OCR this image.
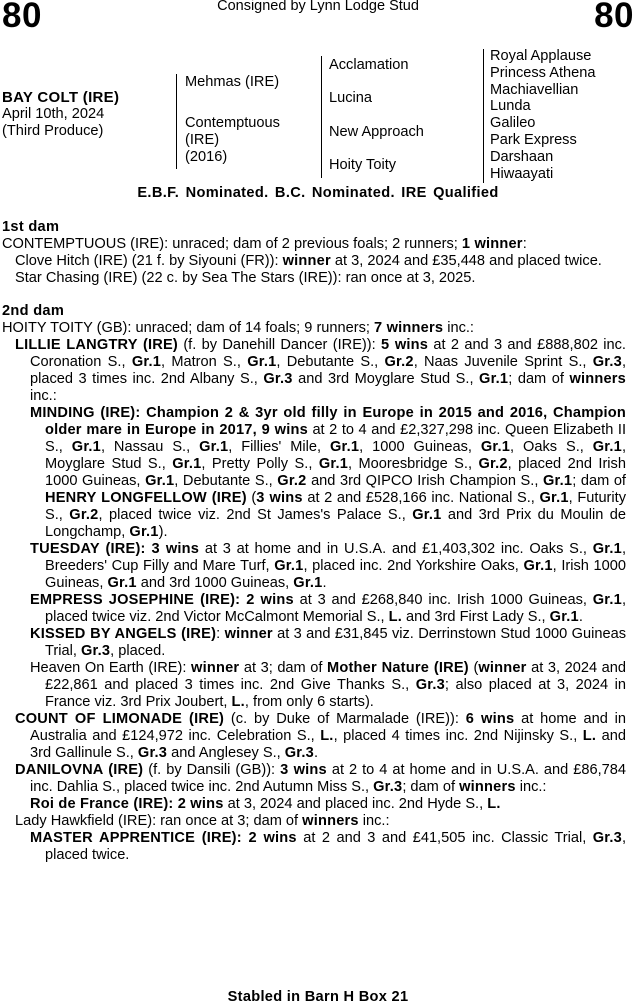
80	Consigned by Lynn Lodge Stud	80
BAY COLT (IRE)
April 10th, 2024
(Third Produce)
Mehmas (IRE)
Contemptuous
(IRE)
(2016)
Acclamation
Lucina
New Approach
Hoity Toity
Royal Applause
Princess Athena
Machiavellian
Lunda
Galileo
Park Express
Darshaan
Hiwaayati
E.B.F. Nominated. B.C. Nominated. IRE Qualified
1st dam
CONTEMPTUOUS (IRE): unraced; dam of 2 previous foals; 2 runners; 1 winner:
Clove Hitch (IRE) (21 f. by Siyouni (FR)): winner at 3, 2024 and £35,448 and placed twice.
Star Chasing (IRE) (22 c. by Sea The Stars (IRE)): ran once at 3, 2025.
2nd dam
HOITY TOITY (GB): unraced; dam of 14 foals; 9 runners; 7 winners inc.:
LILLIE LANGTRY (IRE) (f. by Danehill Dancer (IRE)): 5 wins at 2 and 3 and £888,802 inc. Coronation S., Gr.1, Matron S., Gr.1, Debutante S., Gr.2, Naas Juvenile Sprint S., Gr.3, placed 3 times inc. 2nd Albany S., Gr.3 and 3rd Moyglare Stud S., Gr.1; dam of winners inc.:
MINDING (IRE): Champion 2 & 3yr old filly in Europe in 2015 and 2016, Champion older mare in Europe in 2017, 9 wins at 2 to 4 and £2,327,298 inc. Queen Elizabeth II S., Gr.1, Nassau S., Gr.1, Fillies' Mile, Gr.1, 1000 Guineas, Gr.1, Oaks S., Gr.1, Moyglare Stud S., Gr.1, Pretty Polly S., Gr.1, Mooresbridge S., Gr.2, placed 2nd Irish 1000 Guineas, Gr.1, Debutante S., Gr.2 and 3rd QIPCO Irish Champion S., Gr.1; dam of HENRY LONGFELLOW (IRE) (3 wins at 2 and £528,166 inc. National S., Gr.1, Futurity S., Gr.2, placed twice viz. 2nd St James's Palace S., Gr.1 and 3rd Prix du Moulin de Longchamp, Gr.1).
TUESDAY (IRE): 3 wins at 3 at home and in U.S.A. and £1,403,302 inc. Oaks S., Gr.1, Breeders' Cup Filly and Mare Turf, Gr.1, placed inc. 2nd Yorkshire Oaks, Gr.1, Irish 1000 Guineas, Gr.1 and 3rd 1000 Guineas, Gr.1.
EMPRESS JOSEPHINE (IRE): 2 wins at 3 and £268,840 inc. Irish 1000 Guineas, Gr.1, placed twice viz. 2nd Victor McCalmont Memorial S., L. and 3rd First Lady S., Gr.1.
KISSED BY ANGELS (IRE): winner at 3 and £31,845 viz. Derrinstown Stud 1000 Guineas Trial, Gr.3, placed.
Heaven On Earth (IRE): winner at 3; dam of Mother Nature (IRE) (winner at 3, 2024 and £22,861 and placed 3 times inc. 2nd Give Thanks S., Gr.3; also placed at 3, 2024 in France viz. 3rd Prix Joubert, L., from only 6 starts).
COUNT OF LIMONADE (IRE) (c. by Duke of Marmalade (IRE)): 6 wins at home and in Australia and £124,972 inc. Celebration S., L., placed 4 times inc. 2nd Nijinsky S., L. and 3rd Gallinule S., Gr.3 and Anglesey S., Gr.3.
DANILOVNA (IRE) (f. by Dansili (GB)): 3 wins at 2 to 4 at home and in U.S.A. and £86,784 inc. Dahlia S., placed twice inc. 2nd Autumn Miss S., Gr.3; dam of winners inc.:
Roi de France (IRE): 2 wins at 3, 2024 and placed inc. 2nd Hyde S., L.
Lady Hawkfield (IRE): ran once at 3; dam of winners inc.:
MASTER APPRENTICE (IRE): 2 wins at 2 and 3 and £41,505 inc. Classic Trial, Gr.3, placed twice.
Stabled in Barn H Box 21
